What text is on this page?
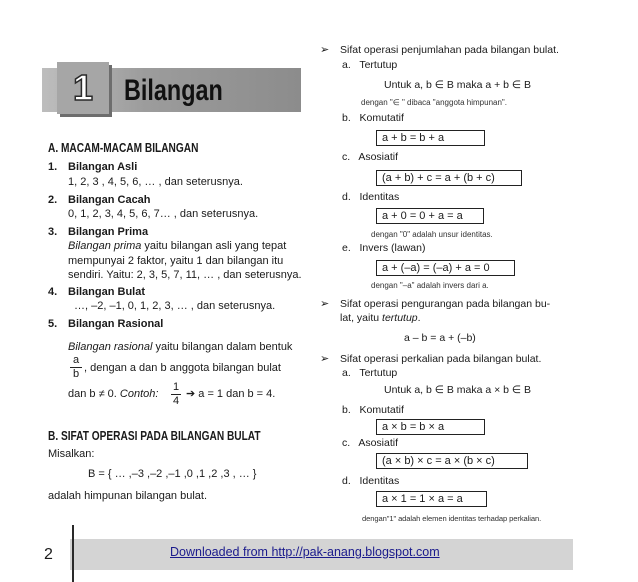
1	Bilangan
A. MACAM-MACAM BILANGAN
1. Bilangan Asli
1, 2, 3 , 4, 5, 6, … , dan seterusnya.
2. Bilangan Cacah
0, 1, 2, 3, 4, 5, 6, 7… , dan seterusnya.
3. Bilangan Prima
Bilangan prima yaitu bilangan asli yang tepat
mempunyai 2 faktor, yaitu 1 dan bilangan itu
sendiri. Yaitu: 2, 3, 5, 7, 11, … , dan seterusnya.
4. Bilangan Bulat
…, –2, –1, 0, 1, 2, 3, … , dan seterusnya.
5. Bilangan Rasional
Bilangan rasional yaitu bilangan dalam bentuk
$\frac{a}{b}$ , dengan a dan b anggota bilangan bulat
dan b ≠ 0. Contoh: $\frac{1}{4}$ ➔ a = 1 dan b = 4.
B. SIFAT OPERASI PADA BILANGAN BULAT
Misalkan:
B = { … ,–3 ,–2 ,–1 ,0 ,1 ,2 ,3 , … }
adalah himpunan bilangan bulat.
➢ Sifat operasi penjumlahan pada bilangan bulat.
a.   Tertutup
Untuk a, b ∈ B maka a + b ∈ B
dengan "∈ " dibaca "anggota himpunan".
b.   Komutatif
a + b = b + a
c.   Asosiatif
(a + b) + c = a + (b + c)
d.   Identitas
a + 0 = 0 + a = a
dengan "0" adalah unsur identitas.
e.   Invers (lawan)
a + (–a) = (–a) + a = 0
dengan "–a" adalah invers dari a.
➢ Sifat operasi pengurangan pada bilangan bu-
lat, yaitu tertutup.
a – b = a + (–b)
➢ Sifat operasi perkalian pada bilangan bulat.
a.   Tertutup
Untuk a, b ∈ B maka a × b ∈ B
b.   Komutatif
a × b = b × a
c.   Asosiatif
(a × b) × c = a × (b × c)
d.   Identitas
a × 1 = 1 × a = a
dengan"1" adalah elemen identitas terhadap perkalian.
2	Downloaded from http://pak-anang.blogspot.com
